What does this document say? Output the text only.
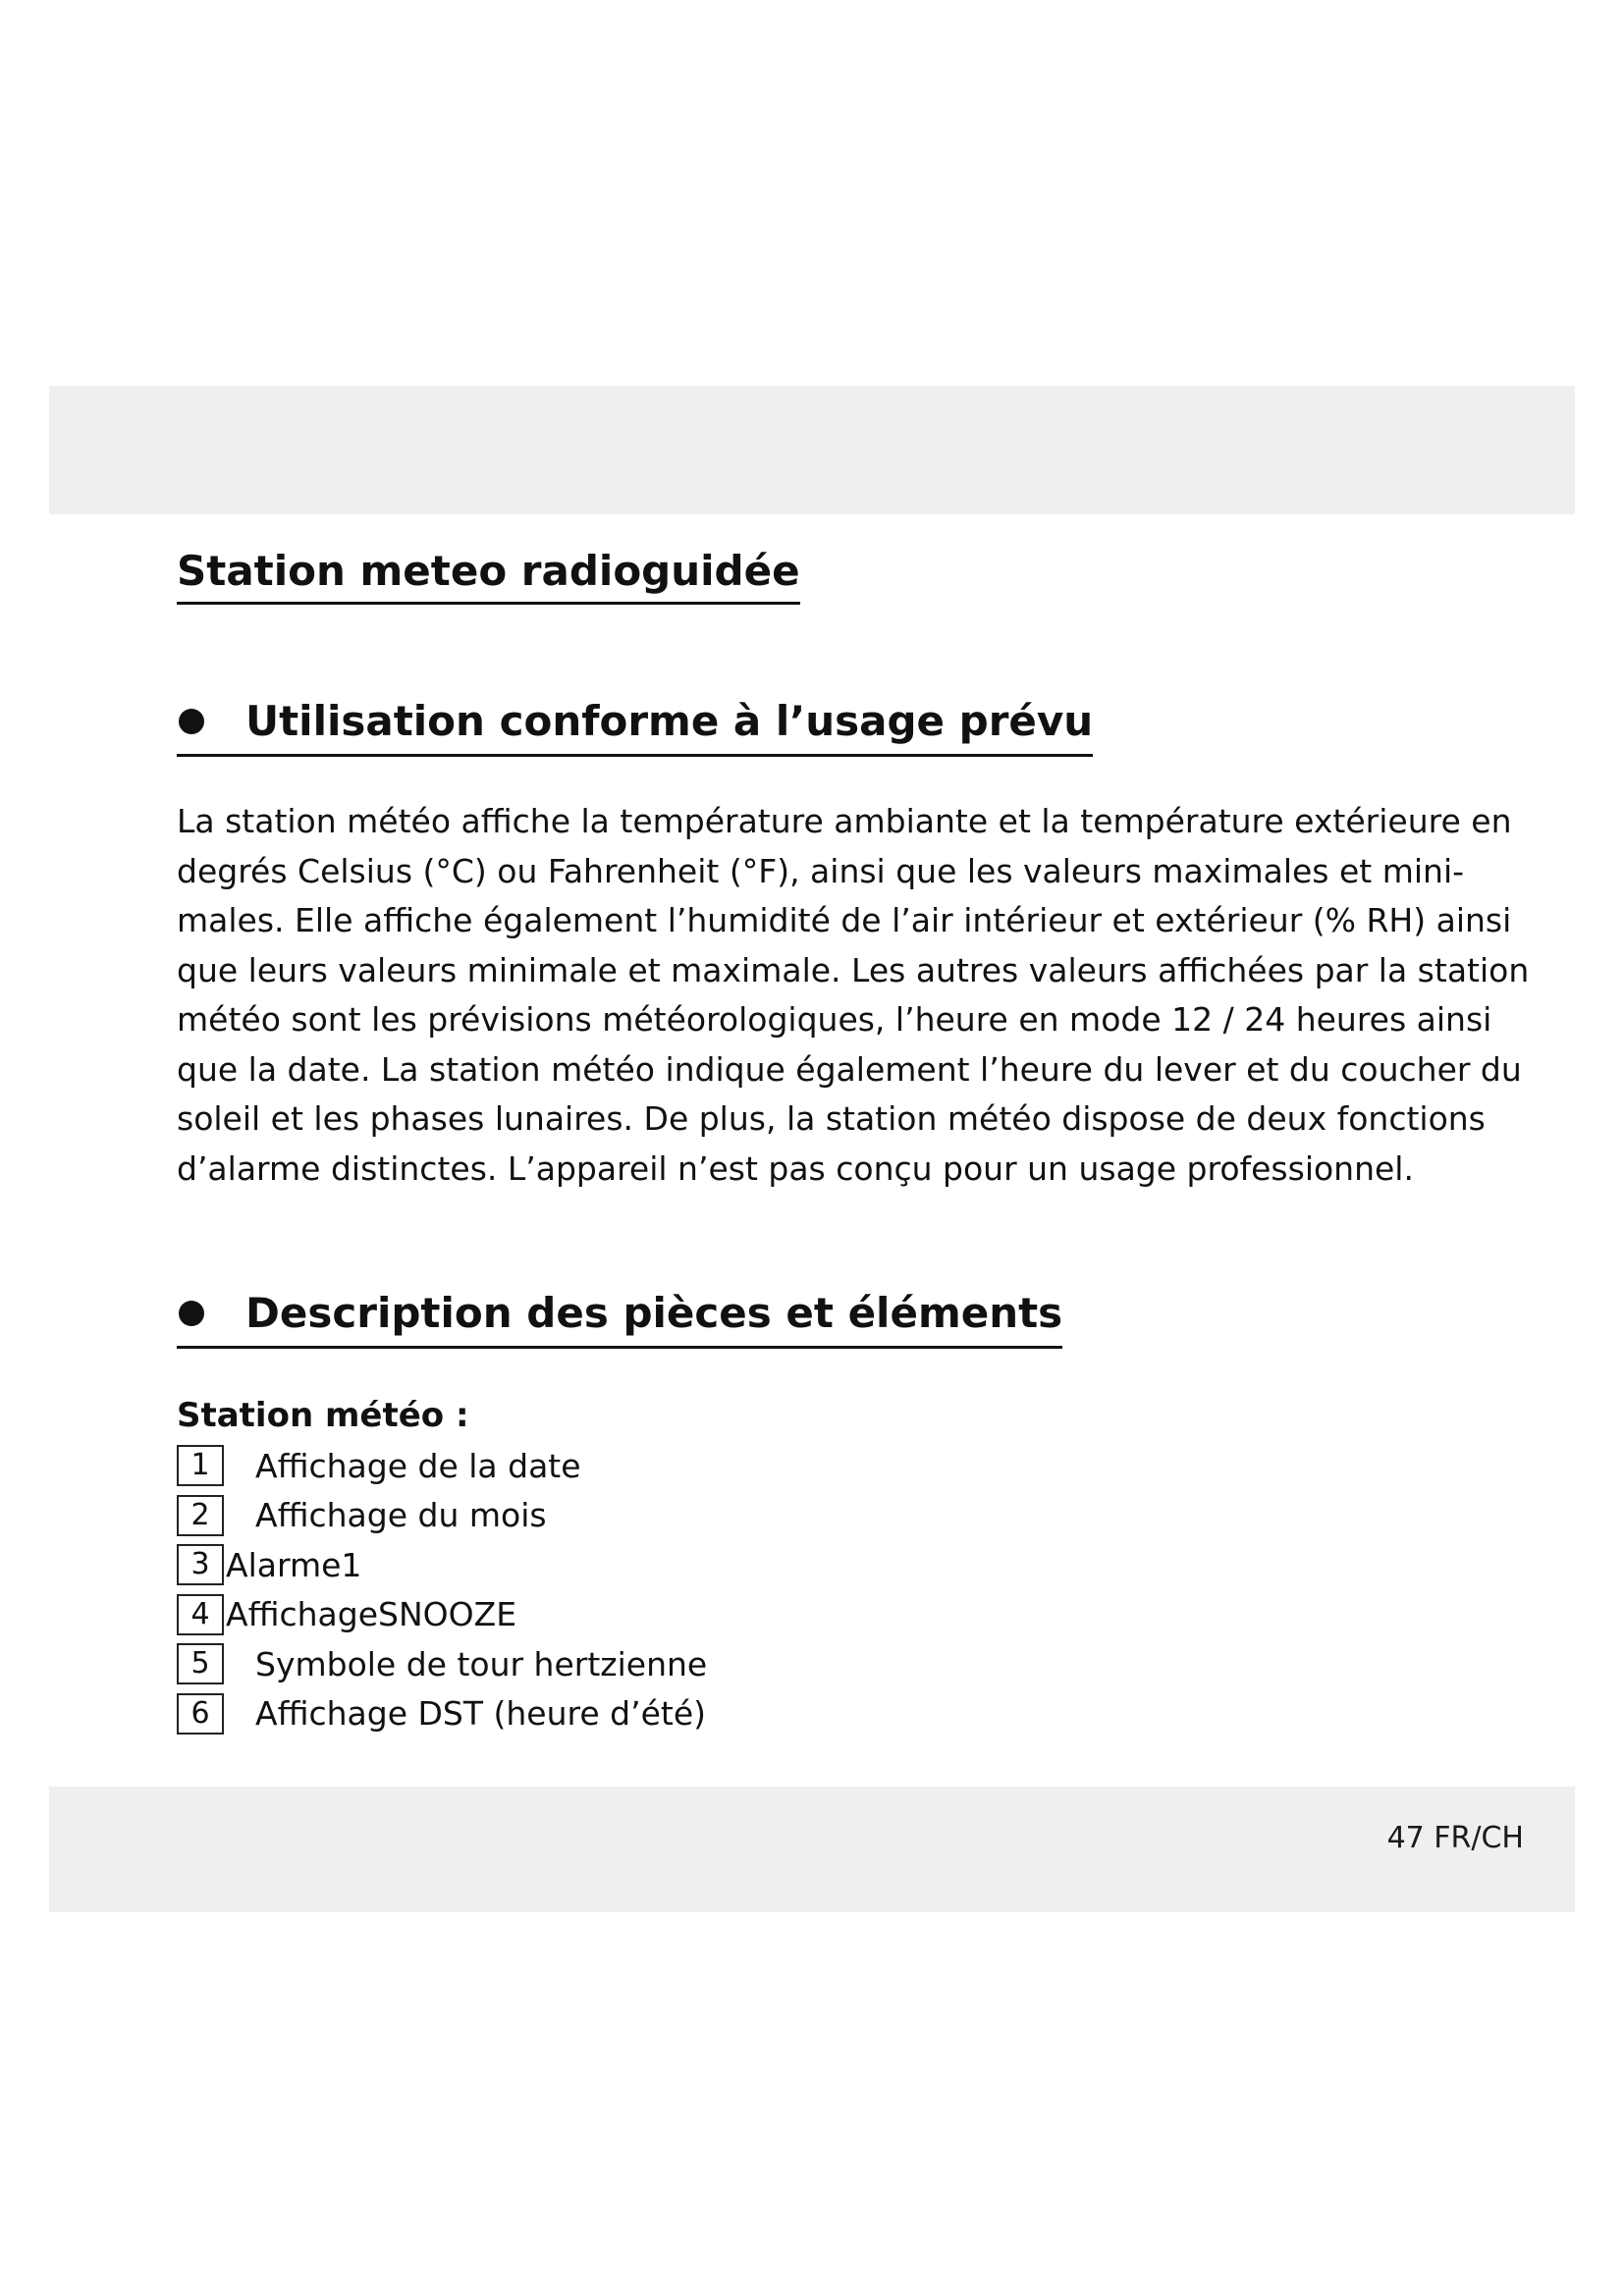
Station meteo radioguidée
Utilisation conforme à l’usage prévu

La station météo affiche la température ambiante et la température extérieure en
degrés Celsius (°C) ou Fahrenheit (°F), ainsi que les valeurs maximales et mini-
males. Elle affiche également l’humidité de l’air intérieur et extérieur (% RH) ainsi
que leurs valeurs minimale et maximale. Les autres valeurs affichées par la station
météo sont les prévisions météorologiques, l’heure en mode 12 / 24 heures ainsi
que la date. La station météo indique également l’heure du lever et du coucher du
soleil et les phases lunaires. De plus, la station météo dispose de deux fonctions
d’alarme distinctes. L’appareil n’est pas conçu pour un usage professionnel.

Description des pièces et éléments
Station météo :
1	Affichage de la date
2	Affichage du mois
3 Alarme1
4 AffichageSNOOZE
5	Symbole de tour hertzienne
6	Affichage DST (heure d’été)
47 FR/CH
